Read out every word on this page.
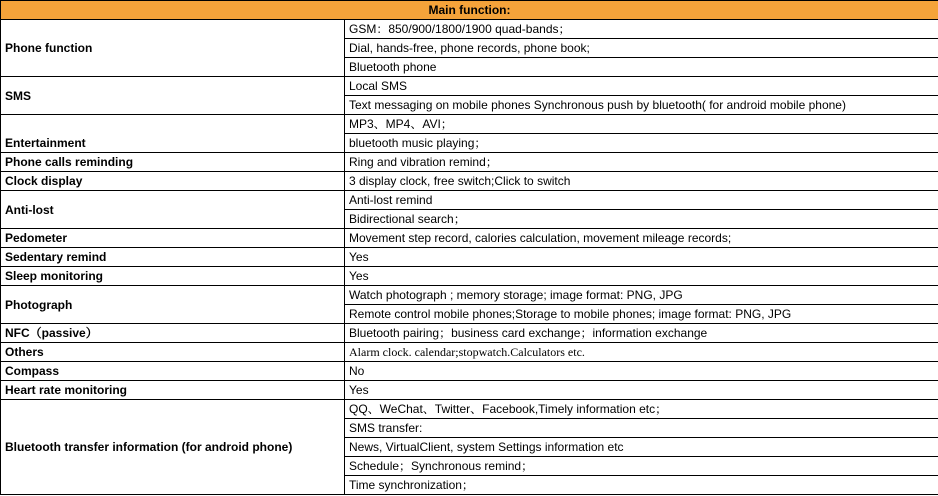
Main function:	
Phone function	GSM：850/900/1800/1900 quad-bands；
	Dial, hands-free, phone records, phone book;
	Bluetooth phone
SMS	Local SMS
	Text messaging on mobile phones Synchronous push by bluetooth( for android mobile phone)
Entertainment	MP3、MP4、AVI；
	bluetooth music playing；
Phone calls reminding	Ring and vibration remind；
Clock display	3 display clock, free switch;Click to switch
Anti-lost	Anti-lost remind
	Bidirectional search；
Pedometer	Movement step record, calories calculation, movement mileage records;
Sedentary remind	Yes
Sleep monitoring	Yes
Photograph	Watch photograph ; memory storage; image format: PNG, JPG
	Remote control mobile phones;Storage to mobile phones; image format: PNG, JPG
NFC（passive）	Bluetooth pairing；business card exchange；information exchange
Others	Alarm clock. calendar;stopwatch.Calculators etc.
Compass	No
Heart rate monitoring	Yes
Bluetooth transfer information (for android phone)	QQ、WeChat、Twitter、Facebook,Timely information etc；
	SMS transfer:
	News, VirtualClient, system Settings information etc
	Schedule；Synchronous remind；
	Time synchronization；
